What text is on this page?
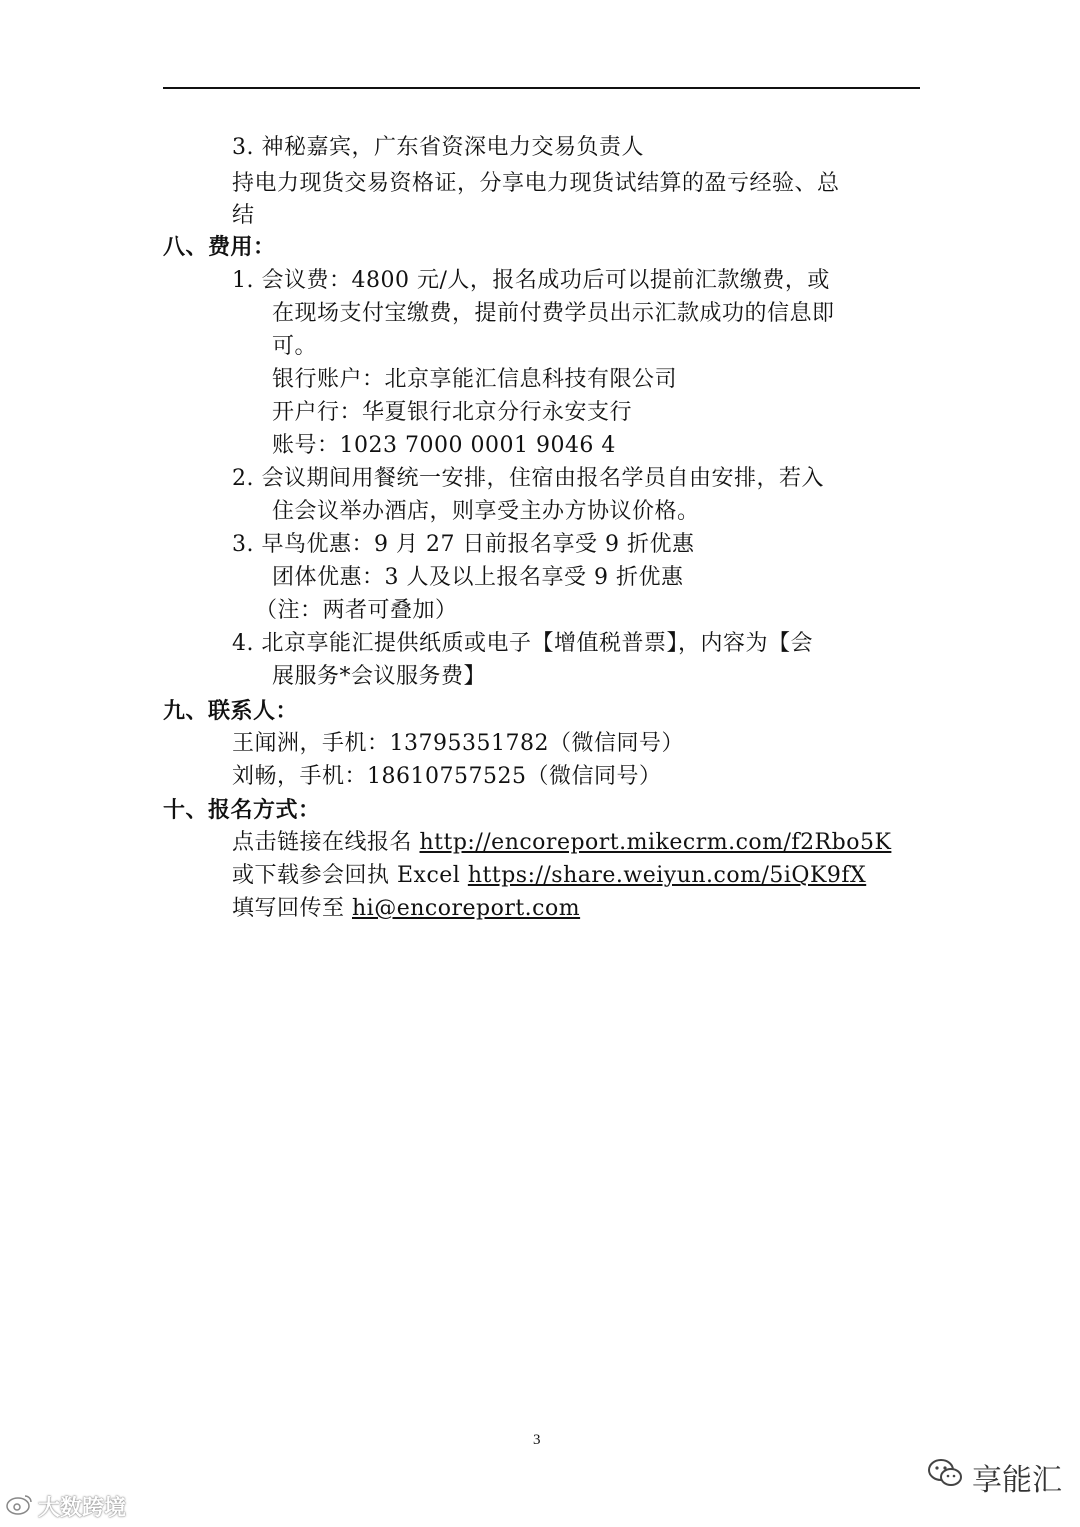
3. 神秘嘉宾，广东省资深电力交易负责人
持电力现货交易资格证，分享电力现货试结算的盈亏经验、总
结
八、费用：
1. 会议费：4800 元/人，报名成功后可以提前汇款缴费，或
在现场支付宝缴费，提前付费学员出示汇款成功的信息即
可。
银行账户：北京享能汇信息科技有限公司
开户行：华夏银行北京分行永安支行
账号：1023 7000 0001 9046 4
2. 会议期间用餐统一安排，住宿由报名学员自由安排，若入
住会议举办酒店，则享受主办方协议价格。
3. 早鸟优惠：9 月 27 日前报名享受 9 折优惠
团体优惠：3 人及以上报名享受 9 折优惠
（注：两者可叠加）
4. 北京享能汇提供纸质或电子【增值税普票】，内容为【会
展服务*会议服务费】
九、联系人：
王闻洲，手机：13795351782（微信同号）
刘畅，手机：18610757525（微信同号）
十、报名方式：
点击链接在线报名 http://encoreport.mikecrm.com/f2Rbo5K
或下载参会回执 Excel https://share.weiyun.com/5iQK9fX
填写回传至 hi@encoreport.com
3
大数跨境
享能汇
